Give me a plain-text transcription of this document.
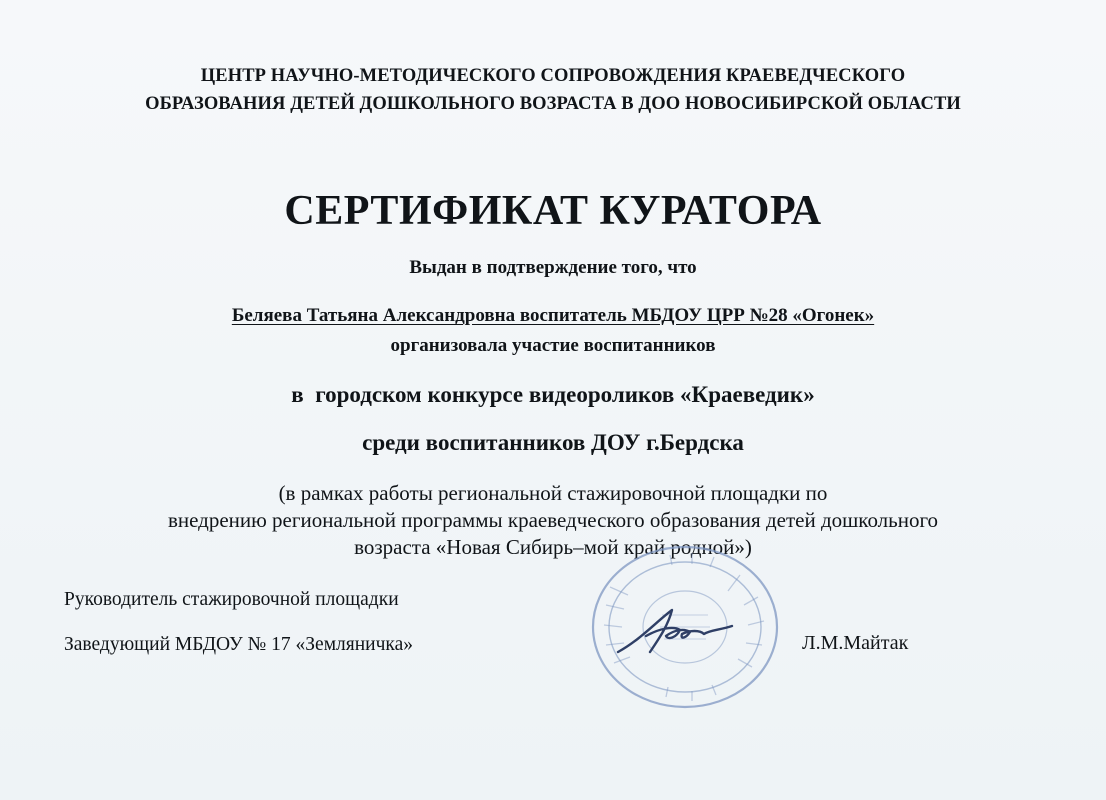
ЦЕНТР НАУЧНО-МЕТОДИЧЕСКОГО СОПРОВОЖДЕНИЯ КРАЕВЕДЧЕСКОГО
ОБРАЗОВАНИЯ ДЕТЕЙ ДОШКОЛЬНОГО ВОЗРАСТА В ДОО НОВОСИБИРСКОЙ ОБЛАСТИ
СЕРТИФИКАТ КУРАТОРА
Выдан в подтверждение того, что
Беляева Татьяна Александровна воспитатель МБДОУ ЦРР №28 «Огонек»
организовала участие воспитанников
в  городском конкурсе видеороликов «Краеведик»
среди воспитанников ДОУ г.Бердска
(в рамках работы региональной стажировочной площадки по
внедрению региональной программы краеведческого образования детей дошкольного
возраста «Новая Сибирь–мой край родной»)
Руководитель стажировочной площадки
Заведующий МБДОУ № 17 «Земляничка»	Л.М.Майтак
